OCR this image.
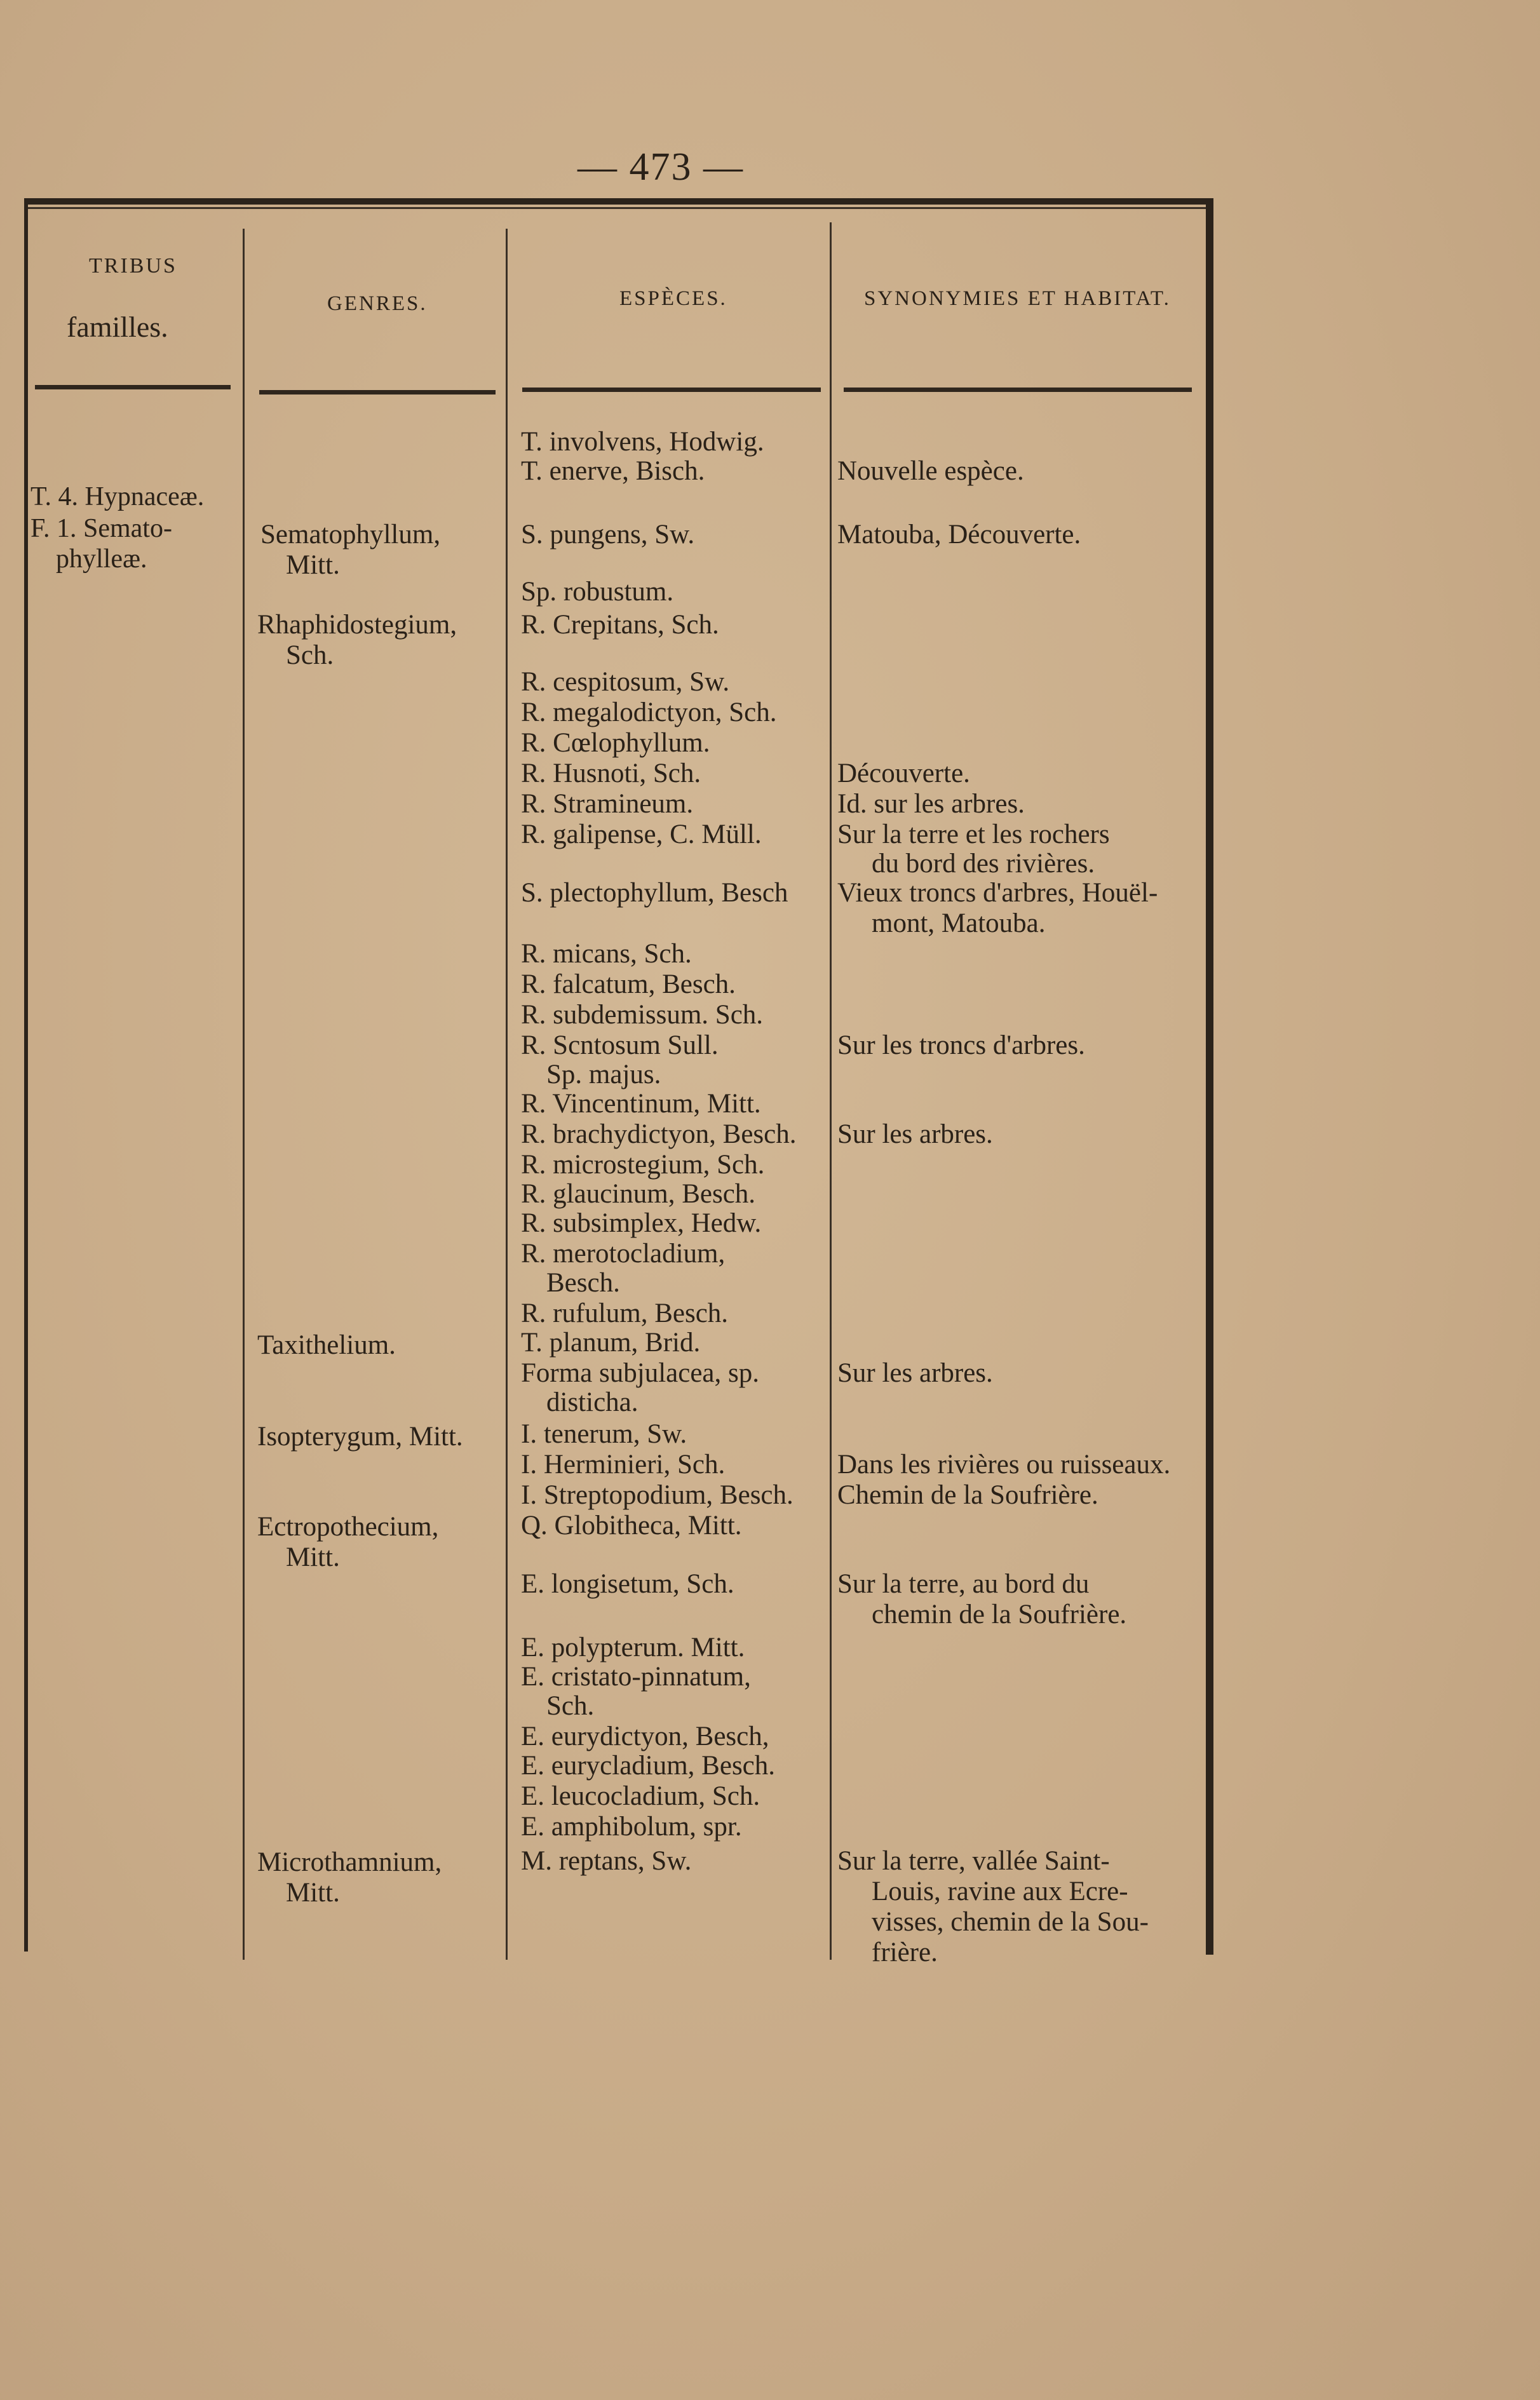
— 473 —
TRIBUS
familles.
GENRES.	ESPÈCES.	SYNONYMIES ET HABITAT.
T. 4. Hypnaceæ.
F. 1. Semato-
phylleæ.
Sematophyllum,
Mitt.
Rhaphidostegium,
Sch.
Taxithelium.
Isopterygum, Mitt.
Ectropothecium,
Mitt.
Microthamnium,
Mitt.
T. involvens, Hodwig.
T. enerve, Bisch.
S. pungens, Sw.
Sp. robustum.
R. Crepitans, Sch.
R. cespitosum, Sw.
R. megalodictyon, Sch.
R. Cœlophyllum.
R. Husnoti, Sch.
R. Stramineum.
R. galipense, C. Müll.
S. plectophyllum, Besch
R. micans, Sch.
R. falcatum, Besch.
R. subdemissum. Sch.
R. Scntosum Sull.
Sp. majus.
R. Vincentinum, Mitt.
R. brachydictyon, Besch.
R. microstegium, Sch.
R. glaucinum, Besch.
R. subsimplex, Hedw.
R. merotocladium,
Besch.
R. rufulum, Besch.
T. planum, Brid.
Forma subjulacea, sp.
disticha.
I. tenerum, Sw.
I. Herminieri, Sch.
I. Streptopodium, Besch.
Q. Globitheca, Mitt.
E. longisetum, Sch.
E. polypterum. Mitt.
E. cristato-pinnatum,
Sch.
E. eurydictyon, Besch,
E. eurycladium, Besch.
E. leucocladium, Sch.
E. amphibolum, spr.
M. reptans, Sw.
Nouvelle espèce.
Matouba, Découverte.
Découverte.
Id. sur les arbres.
Sur la terre et les rochers
du bord des rivières.
Vieux troncs d'arbres, Houël-
mont, Matouba.
Sur les troncs d'arbres.
Sur les arbres.
Sur les arbres.
Dans les rivières ou ruisseaux.
Chemin de la Soufrière.
Sur la terre, au bord du
chemin de la Soufrière.
Sur la terre, vallée Saint-
Louis, ravine aux Ecre-
visses, chemin de la Sou-
frière.
